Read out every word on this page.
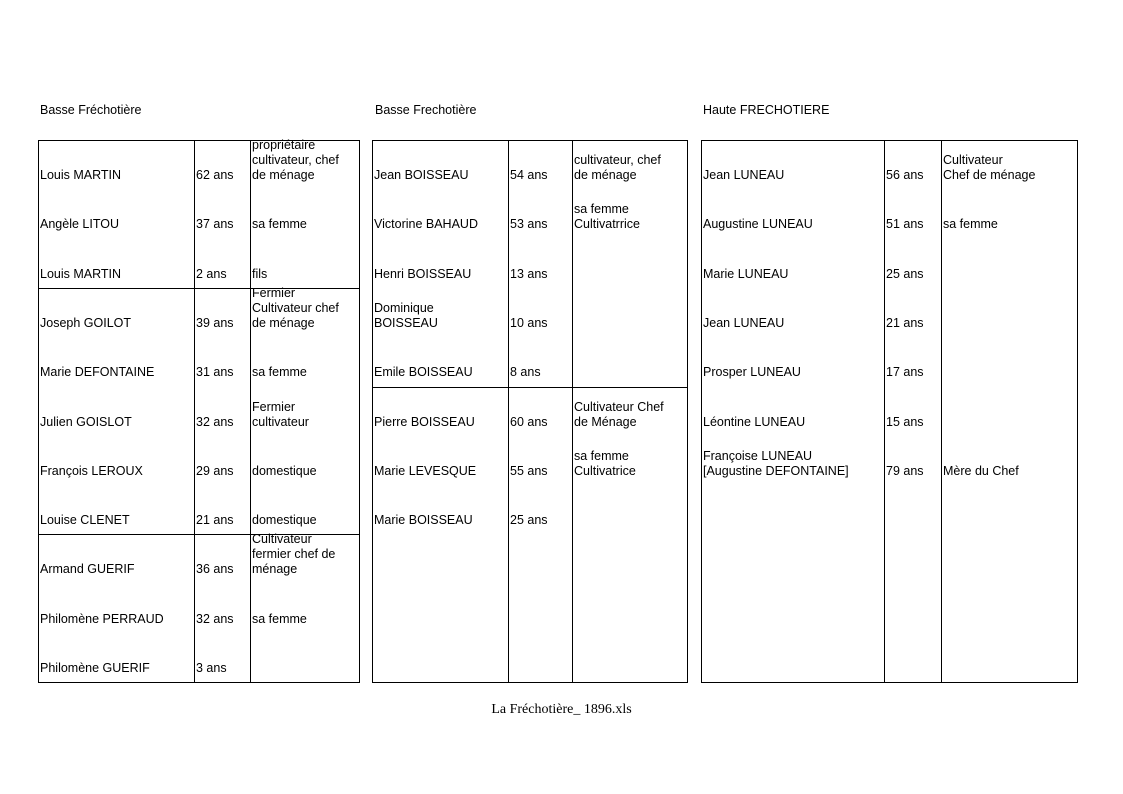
La Fréchotière_ 1896.xls
Basse Fréchotière
Louis MARTIN	62 ans
propriétaire
cultivateur, chef
de ménage
Angèle LITOU	37 ans	sa femme
Louis MARTIN	2 ans	fils
Joseph GOILOT	39 ans
Fermier
Cultivateur chef
de ménage
Marie DEFONTAINE	31 ans	sa femme
Julien GOISLOT	32 ans
Fermier
cultivateur
François LEROUX	29 ans	domestique
Louise CLENET	21 ans	domestique
Armand GUERIF	36 ans
Cultivateur
fermier chef de
ménage
Philomène PERRAUD	32 ans	sa femme
Philomène GUERIF	3 ans
Basse Frechotière
Jean BOISSEAU	54 ans
cultivateur, chef
de ménage
Victorine BAHAUD	53 ans
sa femme
Cultivatrrice
Henri BOISSEAU	13 ans
Dominique
BOISSEAU	10 ans
Emile BOISSEAU	8 ans
Pierre BOISSEAU	60 ans
Cultivateur Chef
de Ménage
Marie LEVESQUE	55 ans
sa femme
Cultivatrice
Marie BOISSEAU	25 ans
Haute FRECHOTIERE
Jean LUNEAU	56 ans
Cultivateur
Chef de ménage
Augustine LUNEAU	51 ans	sa femme
Marie LUNEAU	25 ans
Jean LUNEAU	21 ans
Prosper LUNEAU	17 ans
Léontine LUNEAU	15 ans
Françoise LUNEAU
[Augustine DEFONTAINE]	79 ans	Mère du Chef
